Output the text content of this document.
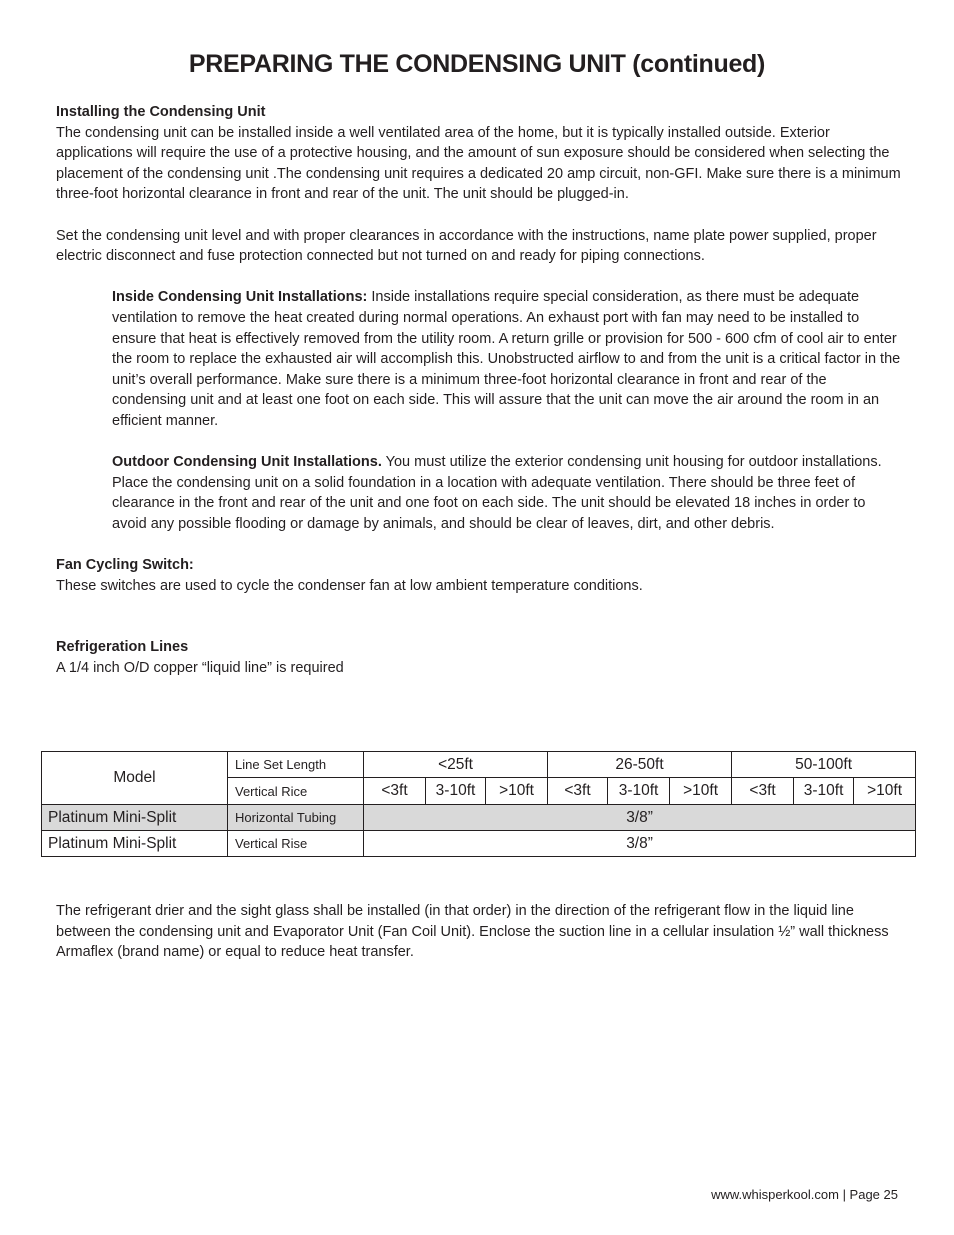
PREPARING THE CONDENSING UNIT (continued)

Installing the Condensing Unit

The condensing unit can be installed inside a well ventilated area of the home, but it is typically installed outside. Exterior applications will require the use of a protective housing, and the amount of sun exposure should be considered when selecting the placement of the condensing unit .The condensing unit requires a dedicated 20 amp circuit, non-GFI. Make sure there is a minimum three-foot horizontal clearance in front and rear of the unit. The unit should be plugged-in.

Set the condensing unit level and with proper clearances in accordance with the instructions, name plate power supplied, proper electric disconnect and fuse protection connected but not turned on and ready for piping connections.

Inside Condensing Unit Installations: Inside installations require special consideration, as there must be adequate ventilation to remove the heat created during normal operations. An exhaust port with fan may need to be installed to ensure that heat is effectively removed from the utility room. A return grille or provision for 500 - 600 cfm of cool air to enter the room to replace the exhausted air will accomplish this. Unobstructed airflow to and from the unit is a critical factor in the unit’s overall performance. Make sure there is a minimum three-foot horizontal clearance in front and rear of the condensing unit and at least one foot on each side. This will assure that the unit can move the air around the room in an efficient manner.

Outdoor Condensing Unit Installations. You must utilize the exterior condensing unit housing for outdoor installations. Place the condensing unit on a solid foundation in a location with adequate ventilation. There should be three feet of clearance in the front and rear of the unit and one foot on each side. The unit should be elevated 18 inches in order to avoid any possible flooding or damage by animals, and should be clear of leaves, dirt, and other debris.

Fan Cycling Switch:

These switches are used to cycle the condenser fan at low ambient temperature conditions.

Refrigeration Lines

A 1/4 inch O/D copper “liquid line” is required

Model	Line Set Length	<25ft			26-50ft			50-100ft		
	Vertical Rice	<3ft	3-10ft	>10ft	<3ft	3-10ft	>10ft	<3ft	3-10ft	>10ft
Platinum Mini-Split	Horizontal Tubing	3/8”								
Platinum Mini-Split	Vertical Rise	3/8”								

The refrigerant drier and the sight glass shall be installed (in that order) in the direction of the refrigerant flow in the liquid line between the condensing unit and Evaporator Unit (Fan Coil Unit). Enclose the suction line in a cellular insulation ½” wall thickness Armaflex (brand name) or equal to reduce heat transfer.

www.whisperkool.com | Page 25
